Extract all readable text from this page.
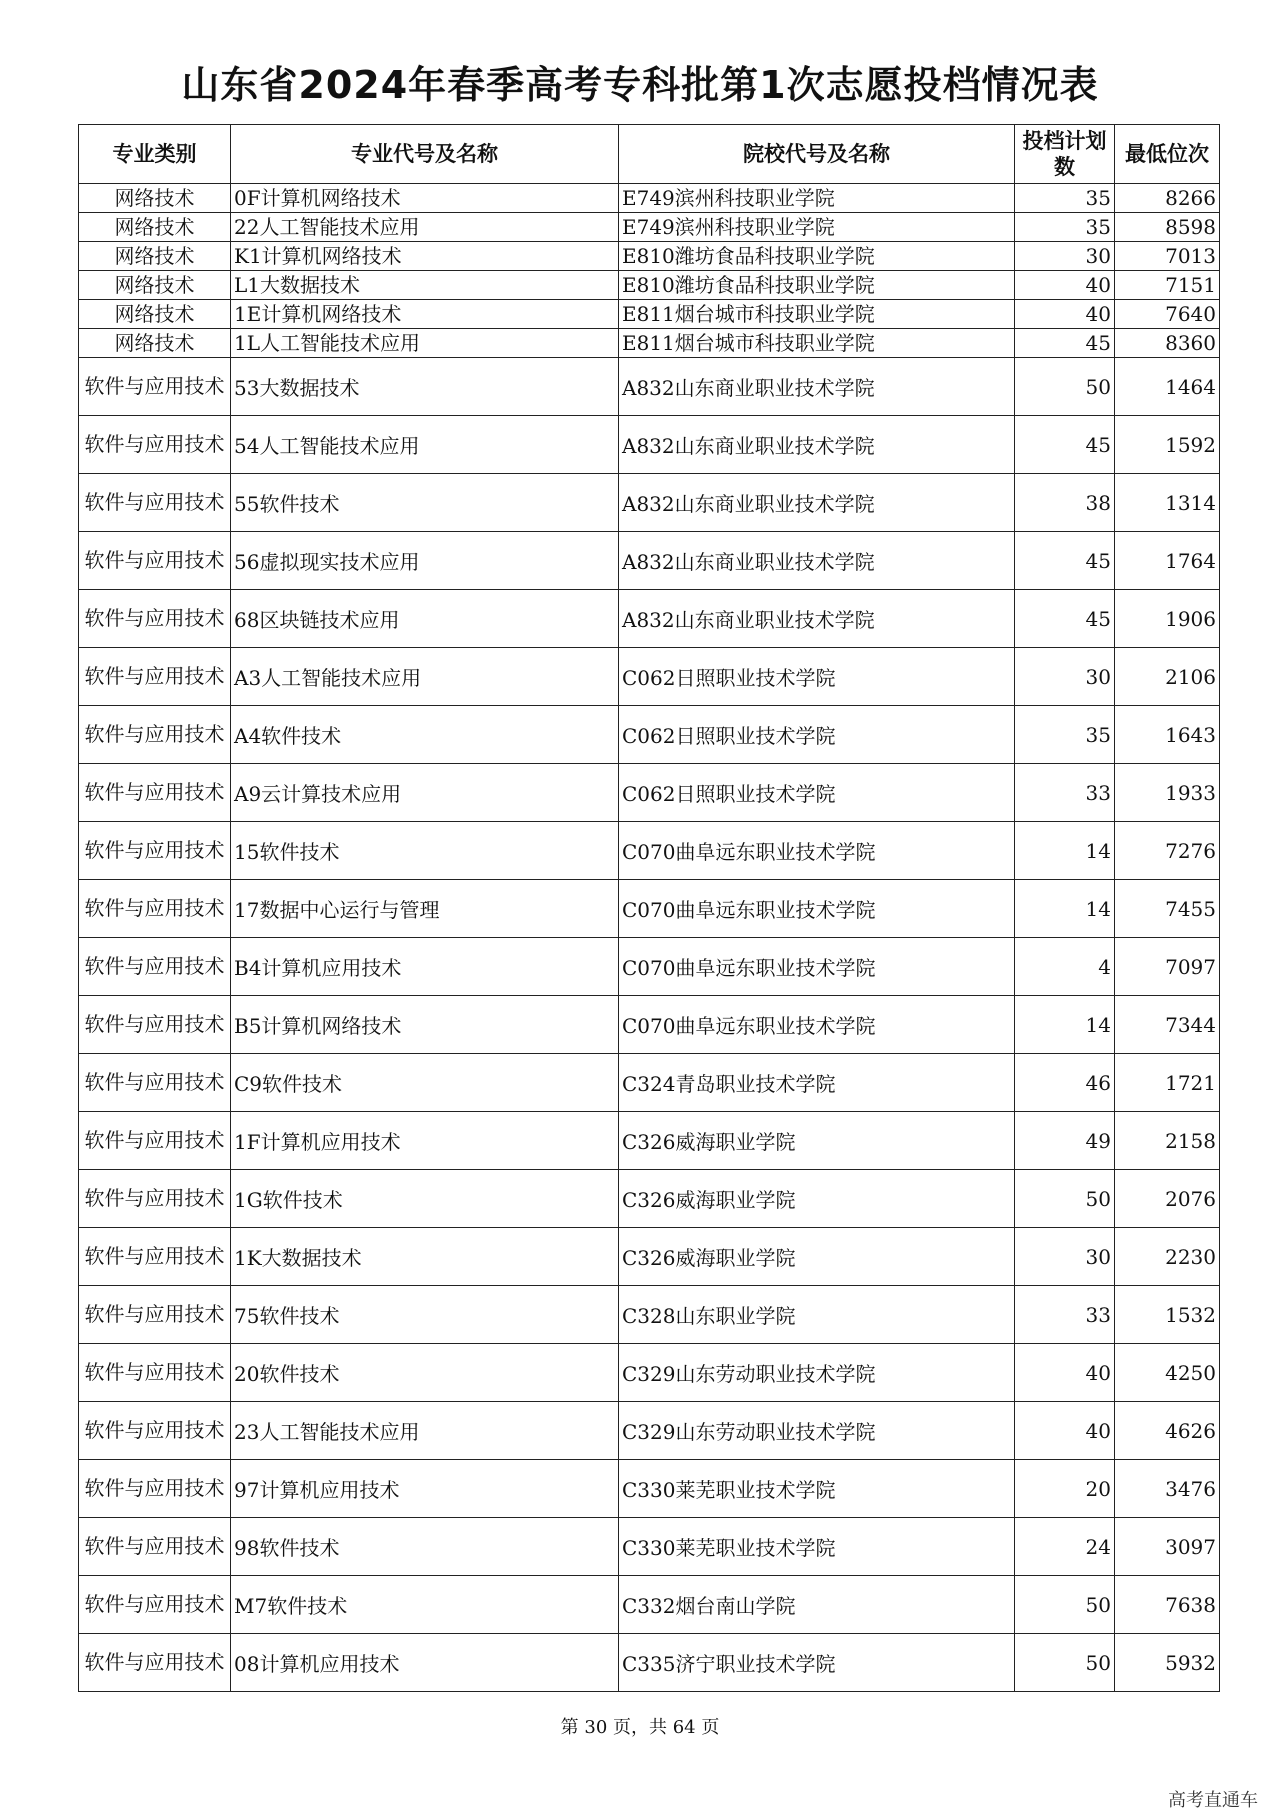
山东省2024年春季高考专科批第1次志愿投档情况表
专业类别	专业代号及名称	院校代号及名称	投档计划数	最低位次
网络技术	0F计算机网络技术	E749滨州科技职业学院	35	8266
网络技术	22人工智能技术应用	E749滨州科技职业学院	35	8598
网络技术	K1计算机网络技术	E810潍坊食品科技职业学院	30	7013
网络技术	L1大数据技术	E810潍坊食品科技职业学院	40	7151
网络技术	1E计算机网络技术	E811烟台城市科技职业学院	40	7640
网络技术	1L人工智能技术应用	E811烟台城市科技职业学院	45	8360
软件与应用技术	53大数据技术	A832山东商业职业技术学院	50	1464
软件与应用技术	54人工智能技术应用	A832山东商业职业技术学院	45	1592
软件与应用技术	55软件技术	A832山东商业职业技术学院	38	1314
软件与应用技术	56虚拟现实技术应用	A832山东商业职业技术学院	45	1764
软件与应用技术	68区块链技术应用	A832山东商业职业技术学院	45	1906
软件与应用技术	A3人工智能技术应用	C062日照职业技术学院	30	2106
软件与应用技术	A4软件技术	C062日照职业技术学院	35	1643
软件与应用技术	A9云计算技术应用	C062日照职业技术学院	33	1933
软件与应用技术	15软件技术	C070曲阜远东职业技术学院	14	7276
软件与应用技术	17数据中心运行与管理	C070曲阜远东职业技术学院	14	7455
软件与应用技术	B4计算机应用技术	C070曲阜远东职业技术学院	4	7097
软件与应用技术	B5计算机网络技术	C070曲阜远东职业技术学院	14	7344
软件与应用技术	C9软件技术	C324青岛职业技术学院	46	1721
软件与应用技术	1F计算机应用技术	C326威海职业学院	49	2158
软件与应用技术	1G软件技术	C326威海职业学院	50	2076
软件与应用技术	1K大数据技术	C326威海职业学院	30	2230
软件与应用技术	75软件技术	C328山东职业学院	33	1532
软件与应用技术	20软件技术	C329山东劳动职业技术学院	40	4250
软件与应用技术	23人工智能技术应用	C329山东劳动职业技术学院	40	4626
软件与应用技术	97计算机应用技术	C330莱芜职业技术学院	20	3476
软件与应用技术	98软件技术	C330莱芜职业技术学院	24	3097
软件与应用技术	M7软件技术	C332烟台南山学院	50	7638
软件与应用技术	08计算机应用技术	C335济宁职业技术学院	50	5932
第 30 页，共 64 页
高考直通车
